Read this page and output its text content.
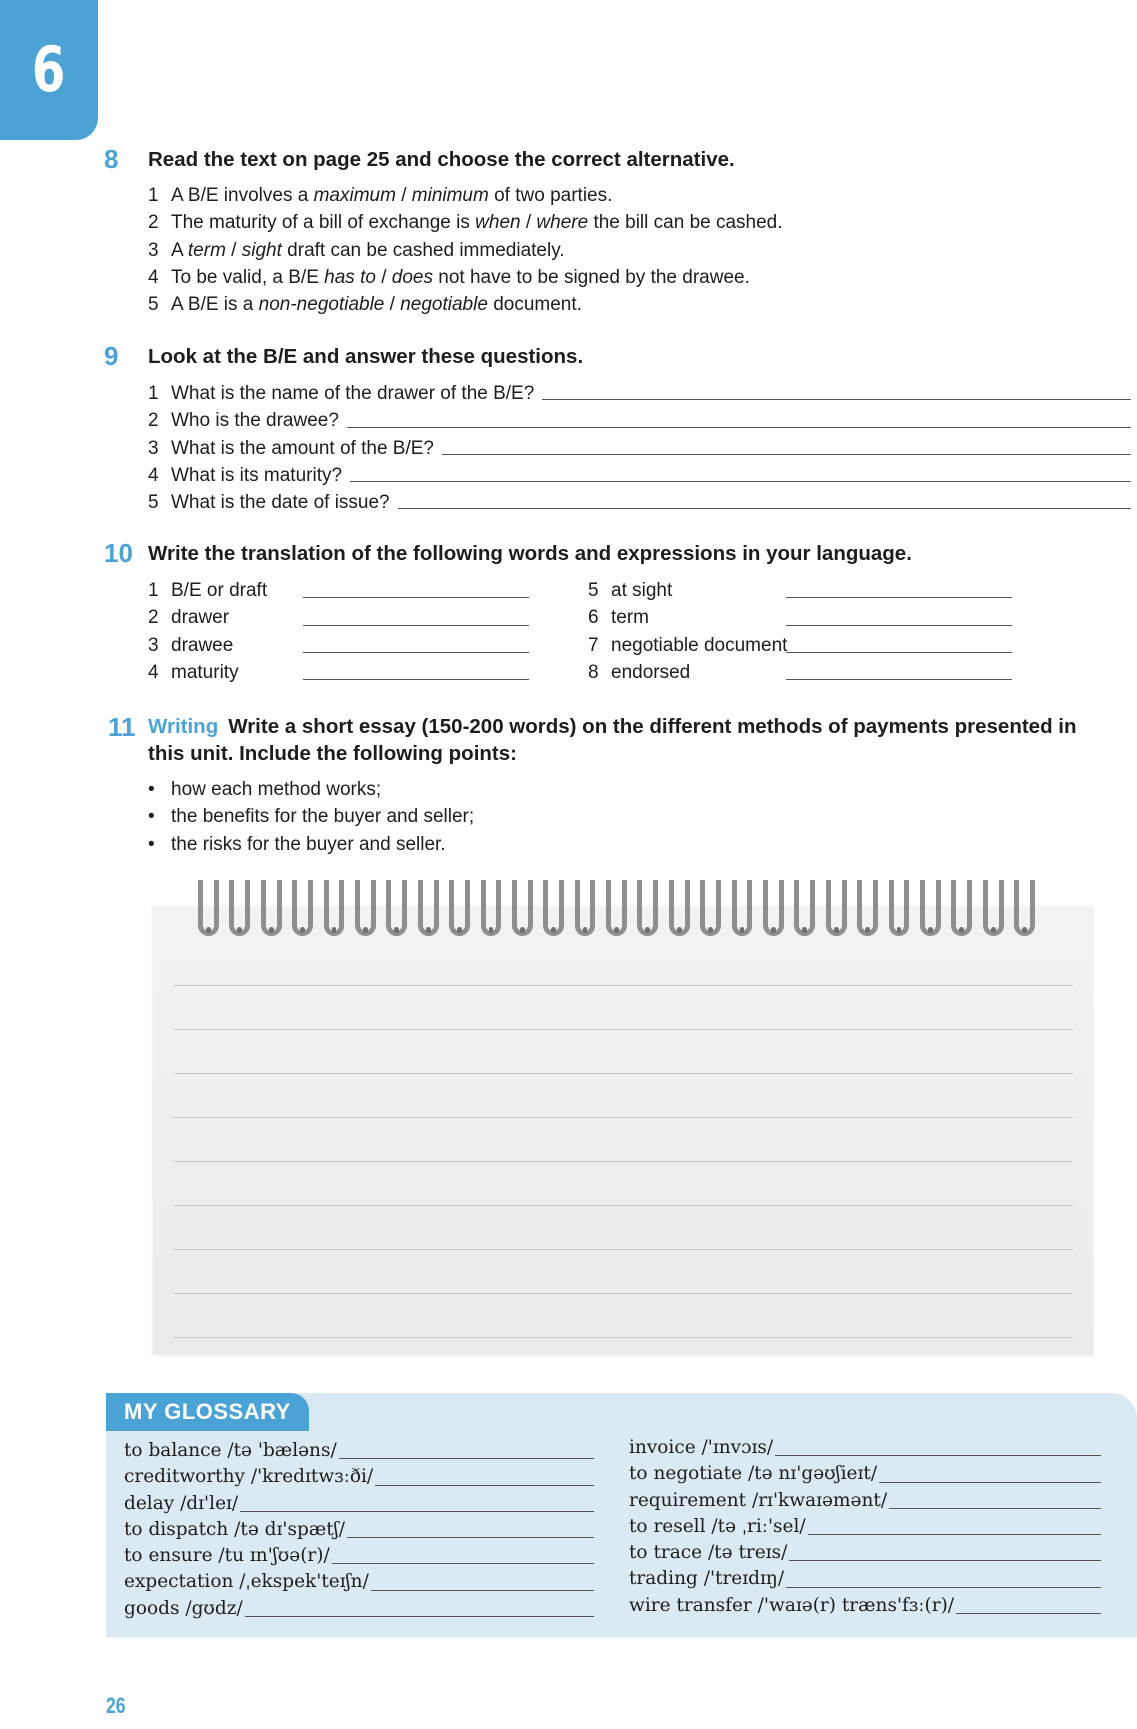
6
8 Read the text on page 25 and choose the correct alternative.
1 A B/E involves a maximum / minimum of two parties.
2 The maturity of a bill of exchange is when / where the bill can be cashed.
3 A term / sight draft can be cashed immediately.
4 To be valid, a B/E has to / does not have to be signed by the drawee.
5 A B/E is a non-negotiable / negotiable document.
9 Look at the B/E and answer these questions.
1 What is the name of the drawer of the B/E?
2 Who is the drawee?
3 What is the amount of the B/E?
4 What is its maturity?
5 What is the date of issue?
10 Write the translation of the following words and expressions in your language.
1 B/E or draft	5 at sight
2 drawer	6 term
3 drawee	7 negotiable document
4 maturity	8 endorsed
11 Writing Write a short essay (150-200 words) on the different methods of payments presented in this unit. Include the following points:
• how each method works;
• the benefits for the buyer and seller;
• the risks for the buyer and seller.
MY GLOSSARY
to balance /tə 'bæləns/
creditworthy /'kredɪtwɜːði/
delay /dɪ'leɪ/
to dispatch /tə dɪ'spætʃ/
to ensure /tu ɪn'ʃʊə(r)/
expectation /ˌekspek'teɪʃn/
goods /gʊdz/
invoice /'ɪnvɔɪs/
to negotiate /tə nɪ'gəʊʃieɪt/
requirement /rɪ'kwaɪəmənt/
to resell /tə ˌriː'sel/
to trace /tə treɪs/
trading /'treɪdɪŋ/
wire transfer /'waɪə(r) træns'fɜː(r)/
26
